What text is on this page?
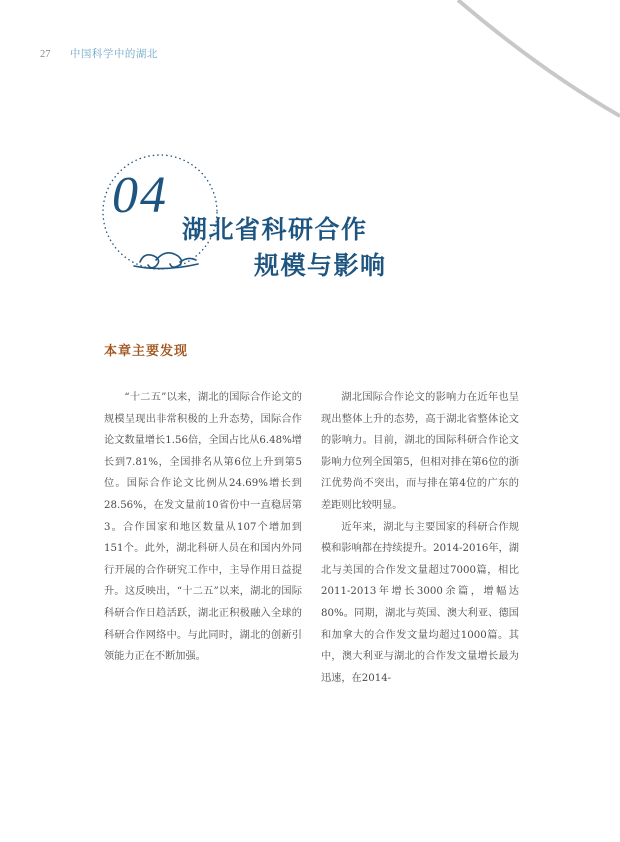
27 中国科学中的湖北
04
湖北省科研合作
规模与影响
本章主要发现

“十二五”以来，湖北的国际合作论文的规模呈现出非常积极的上升态势，国际合作论文数量增长1.56倍，全国占比从6.48%增长到7.81%，全国排名从第6位上升到第5位。国际合作论文比例从24.69%增长到28.56%，在发文量前10省份中一直稳居第3。合作国家和地区数量从107个增加到151个。此外，湖北科研人员在和国内外同行开展的合作研究工作中，主导作用日益提升。这反映出，“十二五”以来，湖北的国际科研合作日趋活跃，湖北正积极融入全球的科研合作网络中。与此同时，湖北的创新引领能力正在不断加强。

湖北国际合作论文的影响力在近年也呈现出整体上升的态势，高于湖北省整体论文的影响力。目前，湖北的国际科研合作论文影响力位列全国第5，但相对排在第6位的浙江优势尚不突出，而与排在第4位的广东的差距则比较明显。

近年来，湖北与主要国家的科研合作规模和影响都在持续提升。2014-2016年，湖北与美国的合作发文量超过7000篇，相比2011-2013年增长3000余篇，增幅达80%。同期，湖北与英国、澳大利亚、德国和加拿大的合作发文量均超过1000篇。其中，澳大利亚与湖北的合作发文量增长最为迅速，在2014-
